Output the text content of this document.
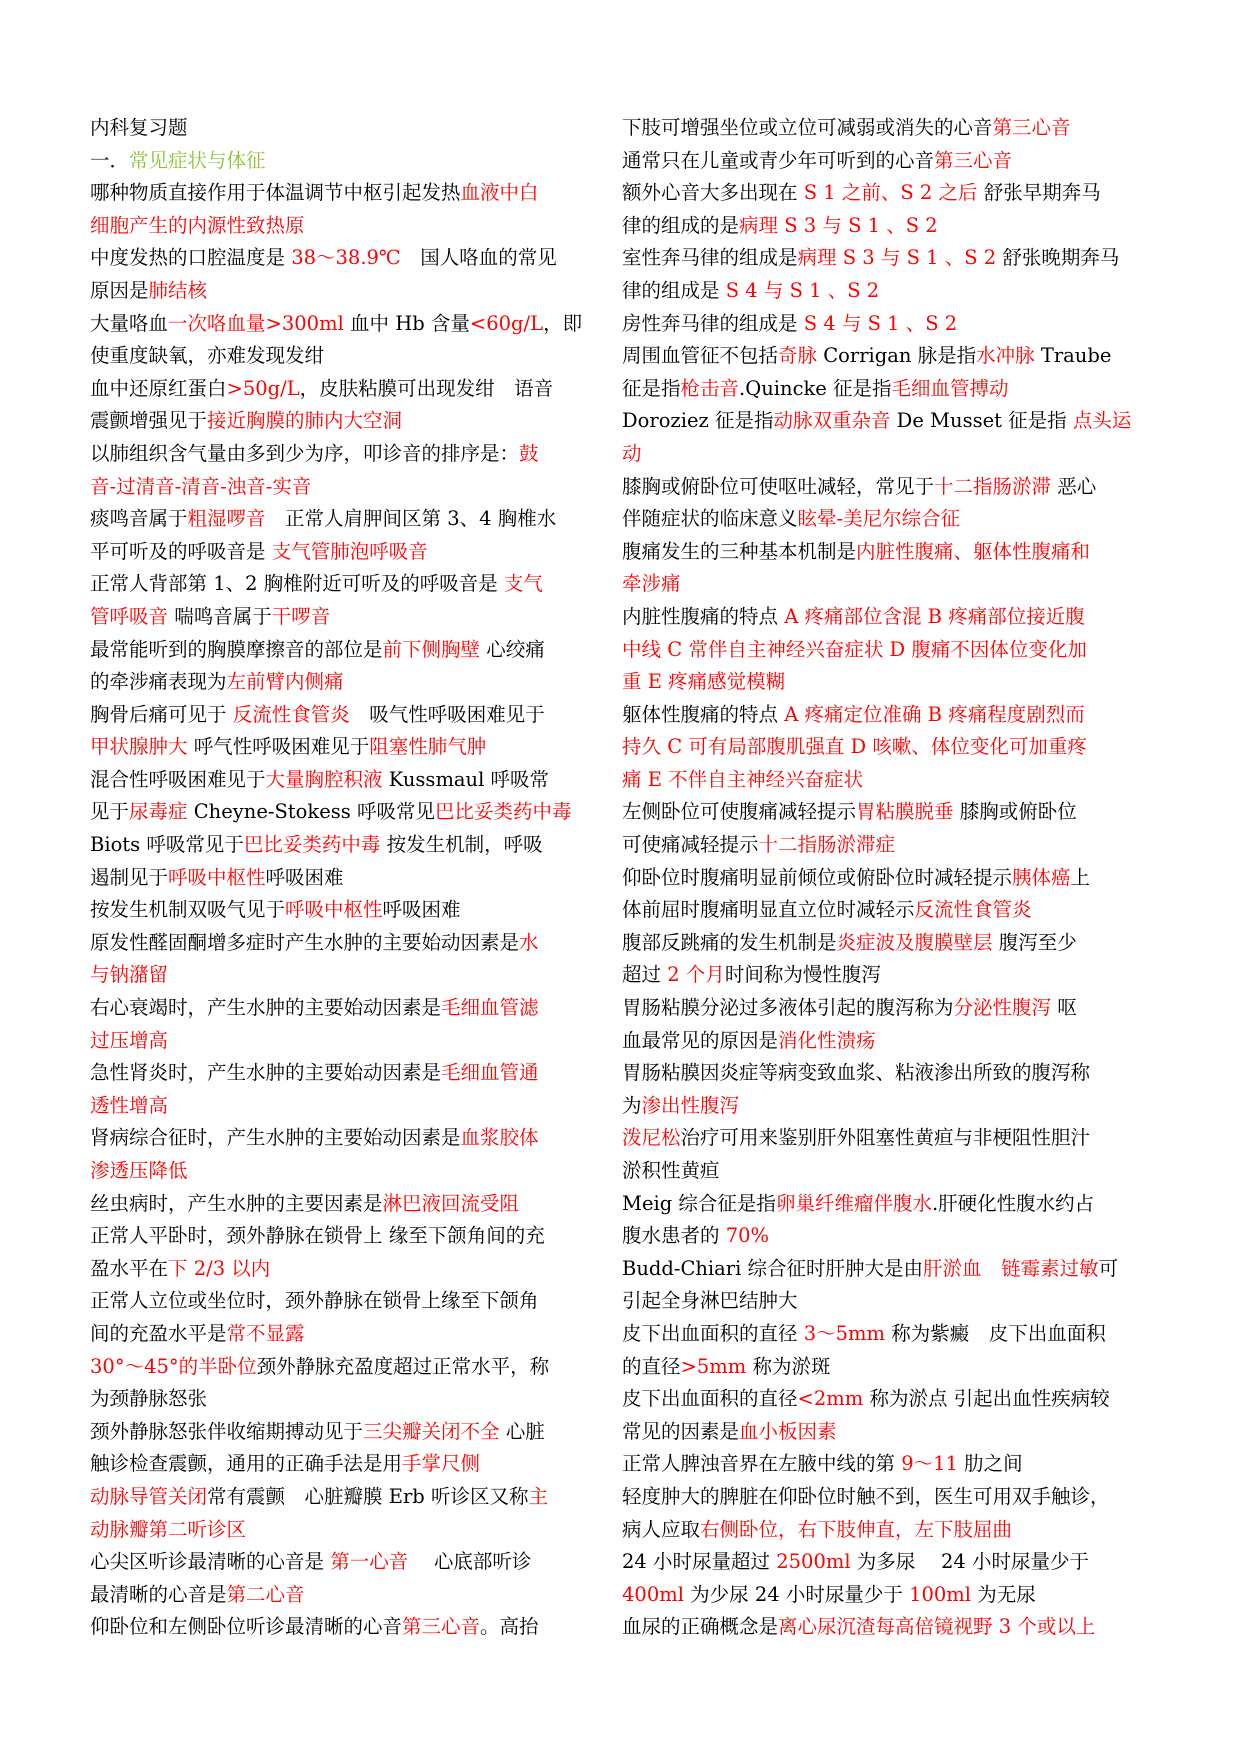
内科复习题
一．常见症状与体征
哪种物质直接作用于体温调节中枢引起发热血液中白
细胞产生的内源性致热原
中度发热的口腔温度是 38～38.9℃　国人咯血的常见
原因是肺结核
大量咯血一次咯血量>300ml 血中 Hb 含量<60g/L，即
使重度缺氧，亦难发现发绀
血中还原红蛋白>50g/L，皮肤粘膜可出现发绀　语音
震颤增强见于接近胸膜的肺内大空洞
以肺组织含气量由多到少为序，叩诊音的排序是：鼓
音-过清音-清音-浊音-实音
痰鸣音属于粗湿啰音　正常人肩胛间区第 3、4 胸椎水
平可听及的呼吸音是 支气管肺泡呼吸音
正常人背部第 1、2 胸椎附近可听及的呼吸音是 支气
管呼吸音 喘鸣音属于干啰音
最常能听到的胸膜摩擦音的部位是前下侧胸壁 心绞痛
的牵涉痛表现为左前臂内侧痛
胸骨后痛可见于 反流性食管炎　吸气性呼吸困难见于
甲状腺肿大 呼气性呼吸困难见于阻塞性肺气肿
混合性呼吸困难见于大量胸腔积液 Kussmaul 呼吸常
见于尿毒症 Cheyne-Stokess 呼吸常见巴比妥类药中毒
Biots 呼吸常见于巴比妥类药中毒 按发生机制，呼吸
遏制见于呼吸中枢性呼吸困难
按发生机制双吸气见于呼吸中枢性呼吸困难
原发性醛固酮增多症时产生水肿的主要始动因素是水
与钠潴留
右心衰竭时，产生水肿的主要始动因素是毛细血管滤
过压增高
急性肾炎时，产生水肿的主要始动因素是毛细血管通
透性增高
肾病综合征时，产生水肿的主要始动因素是血浆胶体
渗透压降低
丝虫病时，产生水肿的主要因素是淋巴液回流受阻
正常人平卧时，颈外静脉在锁骨上 缘至下颌角间的充
盈水平在下 2/3 以内
正常人立位或坐位时，颈外静脉在锁骨上缘至下颌角
间的充盈水平是常不显露
30°～45°的半卧位颈外静脉充盈度超过正常水平，称
为颈静脉怒张
颈外静脉怒张伴收缩期搏动见于三尖瓣关闭不全 心脏
触诊检查震颤，通用的正确手法是用手掌尺侧
动脉导管关闭常有震颤　心脏瓣膜 Erb 听诊区又称主
动脉瓣第二听诊区
心尖区听诊最清晰的心音是 第一心音　 心底部听诊
最清晰的心音是第二心音
仰卧位和左侧卧位听诊最清晰的心音第三心音。高抬
下肢可增强坐位或立位可减弱或消失的心音第三心音
通常只在儿童或青少年可听到的心音第三心音
额外心音大多出现在 S 1 之前、S 2 之后 舒张早期奔马
律的组成的是病理 S 3 与 S 1 、S 2
室性奔马律的组成是病理 S 3 与 S 1 、S 2 舒张晚期奔马
律的组成是 S 4 与 S 1 、S 2
房性奔马律的组成是 S 4 与 S 1 、S 2
周围血管征不包括奇脉 Corrigan 脉是指水冲脉 Traube
征是指枪击音.Quincke 征是指毛细血管搏动
Doroziez 征是指动脉双重杂音 De Musset 征是指 点头运
动
膝胸或俯卧位可使呕吐减轻，常见于十二指肠淤滞 恶心
伴随症状的临床意义眩晕-美尼尔综合征
腹痛发生的三种基本机制是内脏性腹痛、躯体性腹痛和
牵涉痛
内脏性腹痛的特点 A 疼痛部位含混 B 疼痛部位接近腹
中线 C 常伴自主神经兴奋症状 D 腹痛不因体位变化加
重 E 疼痛感觉模糊
躯体性腹痛的特点 A 疼痛定位准确 B 疼痛程度剧烈而
持久 C 可有局部腹肌强直 D 咳嗽、体位变化可加重疼
痛 E 不伴自主神经兴奋症状
左侧卧位可使腹痛减轻提示胃粘膜脱垂 膝胸或俯卧位
可使痛减轻提示十二指肠淤滞症
仰卧位时腹痛明显前倾位或俯卧位时减轻提示胰体癌上
体前屈时腹痛明显直立位时减轻示反流性食管炎
腹部反跳痛的发生机制是炎症波及腹膜壁层 腹泻至少
超过 2 个月时间称为慢性腹泻
胃肠粘膜分泌过多液体引起的腹泻称为分泌性腹泻 呕
血最常见的原因是消化性溃疡
胃肠粘膜因炎症等病变致血浆、粘液渗出所致的腹泻称
为渗出性腹泻
泼尼松治疗可用来鉴别肝外阻塞性黄疸与非梗阻性胆汁
淤积性黄疸
Meig 综合征是指卵巢纤维瘤伴腹水.肝硬化性腹水约占
腹水患者的 70%
Budd-Chiari 综合征时肝肿大是由肝淤血　 链霉素过敏可
引起全身淋巴结肿大
皮下出血面积的直径 3～5mm 称为紫癜　皮下出血面积
的直径>5mm 称为淤斑
皮下出血面积的直径<2mm 称为淤点 引起出血性疾病较
常见的因素是血小板因素
正常人脾浊音界在左腋中线的第 9～11 肋之间
轻度肿大的脾脏在仰卧位时触不到，医生可用双手触诊，
病人应取右侧卧位，右下肢伸直，左下肢屈曲
24 小时尿量超过 2500ml 为多尿　 24 小时尿量少于
400ml 为少尿 24 小时尿量少于 100ml 为无尿
血尿的正确概念是离心尿沉渣每高倍镜视野 3 个或以上
